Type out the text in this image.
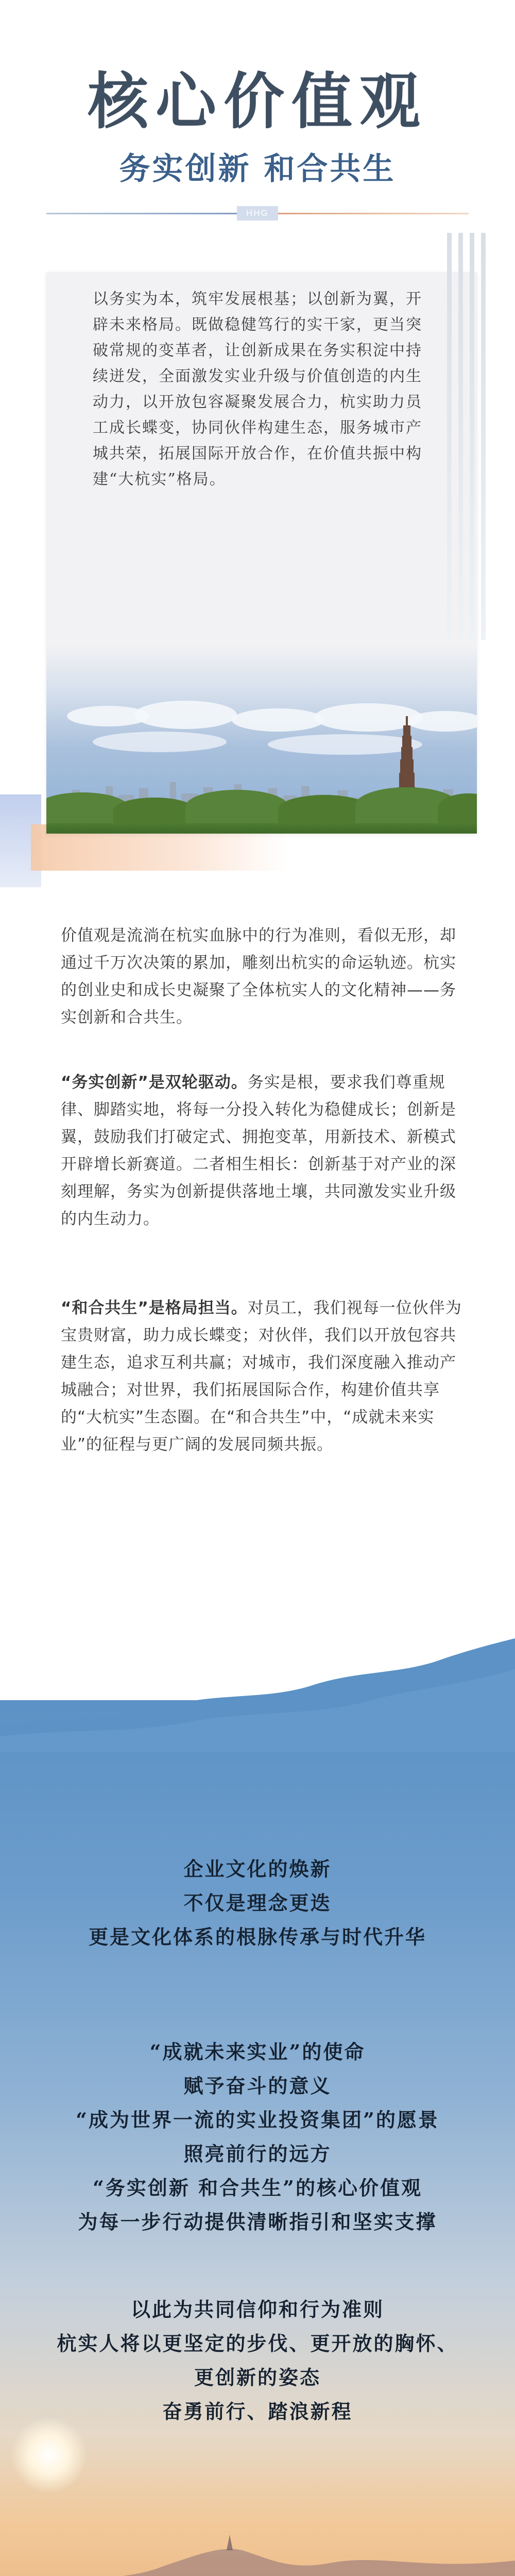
核心价值观
务实创新 和合共生
HHG

以务实为本，筑牢发展根基；以创新为翼，开辟未来格局。既做稳健笃行的实干家，更当突破常规的变革者，让创新成果在务实积淀中持续迸发，全面激发实业升级与价值创造的内生动力，以开放包容凝聚发展合力，杭实助力员工成长蝶变，协同伙伴构建生态，服务城市产城共荣，拓展国际开放合作，在价值共振中构建“大杭实”格局。

价值观是流淌在杭实血脉中的行为准则，看似无形，却通过千万次决策的累加，雕刻出杭实的命运轨迹。杭实的创业史和成长史凝聚了全体杭实人的文化精神——务实创新和合共生。

“务实创新”是双轮驱动。务实是根，要求我们尊重规律、脚踏实地，将每一分投入转化为稳健成长；创新是翼，鼓励我们打破定式、拥抱变革，用新技术、新模式开辟增长新赛道。二者相生相长：创新基于对产业的深刻理解，务实为创新提供落地土壤，共同激发实业升级的内生动力。

“和合共生”是格局担当。对员工，我们视每一位伙伴为宝贵财富，助力成长蝶变；对伙伴，我们以开放包容共建生态，追求互利共赢；对城市，我们深度融入推动产城融合；对世界，我们拓展国际合作，构建价值共享的“大杭实”生态圈。在“和合共生”中，“成就未来实业”的征程与更广阔的发展同频共振。

企业文化的焕新
不仅是理念更迭
更是文化体系的根脉传承与时代升华
“成就未来实业”的使命
赋予奋斗的意义
“成为世界一流的实业投资集团”的愿景
照亮前行的远方
“务实创新 和合共生”的核心价值观
为每一步行动提供清晰指引和坚实支撑
以此为共同信仰和行为准则
杭实人将以更坚定的步伐、更开放的胸怀、
更创新的姿态
奋勇前行、踏浪新程
